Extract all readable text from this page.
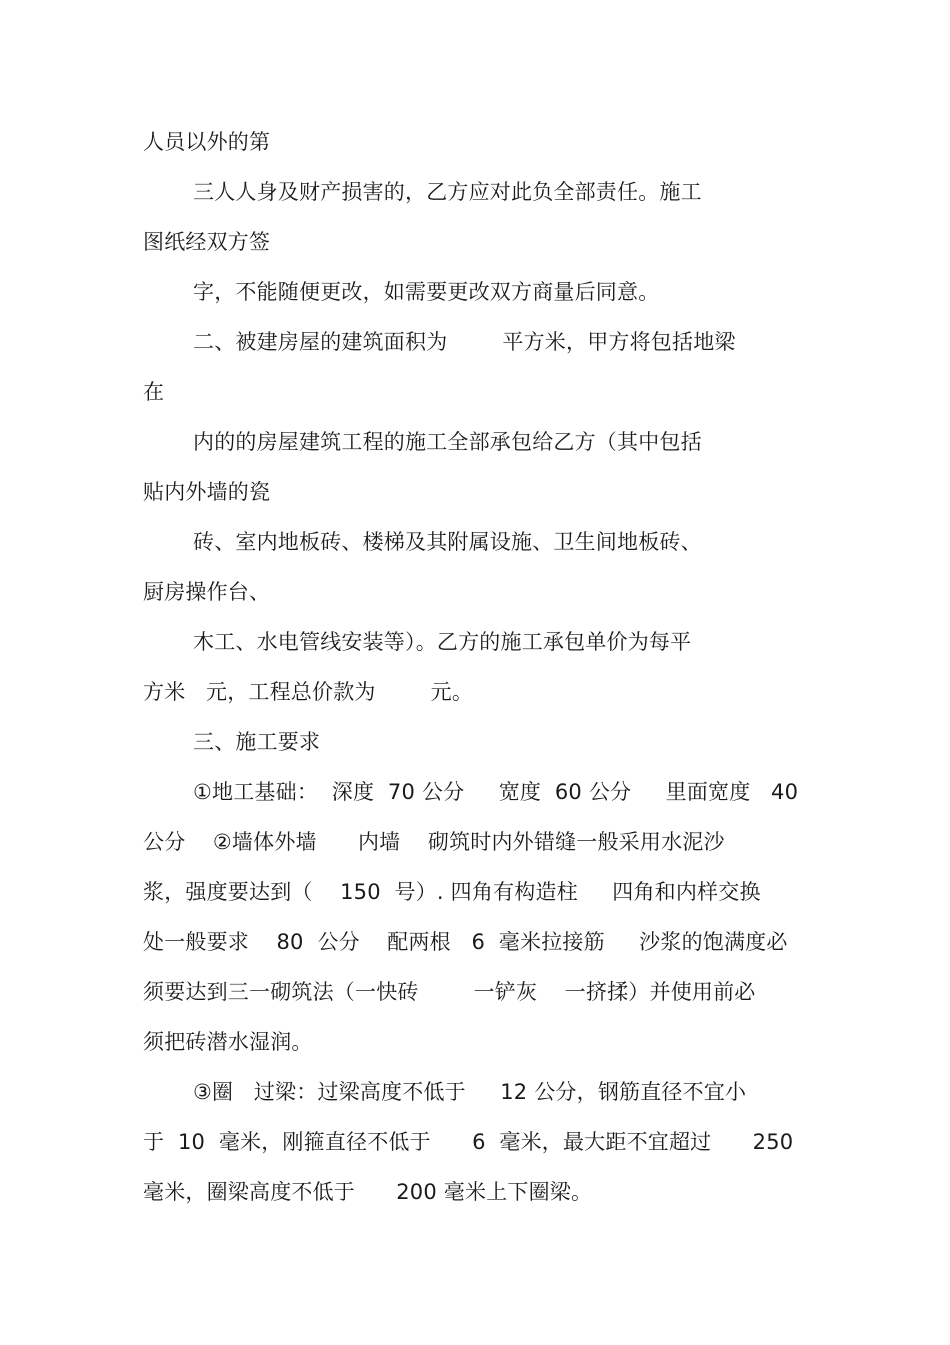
人员以外的第
三人人身及财产损害的，乙方应对此负全部责任。施工
图纸经双方签
字，不能随便更改，如需要更改双方商量后同意。
二、被建房屋的建筑面积为        平方米，甲方将包括地梁
在
内的的房屋建筑工程的施工全部承包给乙方（其中包括
贴内外墙的瓷
砖、室内地板砖、楼梯及其附属设施、卫生间地板砖、
厨房操作台、
木工、水电管线安装等）。乙方的施工承包单价为每平
方米   元，工程总价款为        元。
三、施工要求
①地工基础：  深度  70 公分     宽度  60 公分     里面宽度   40
公分    ②墙体外墙      内墙    砌筑时内外错缝一般采用水泥沙
浆，强度要达到（    150  号）. 四角有构造柱     四角和内样交换
处一般要求    80  公分    配两根   6  毫米拉接筋     沙浆的饱满度必
须要达到三一砌筑法（一快砖        一铲灰    一挤揉）并使用前必
须把砖潜水湿润。
③圈   过梁：过梁高度不低于     12 公分，钢筋直径不宜小
于  10  毫米，刚箍直径不低于      6  毫米，最大距不宜超过      250
毫米，圈梁高度不低于      200 毫米上下圈梁。
